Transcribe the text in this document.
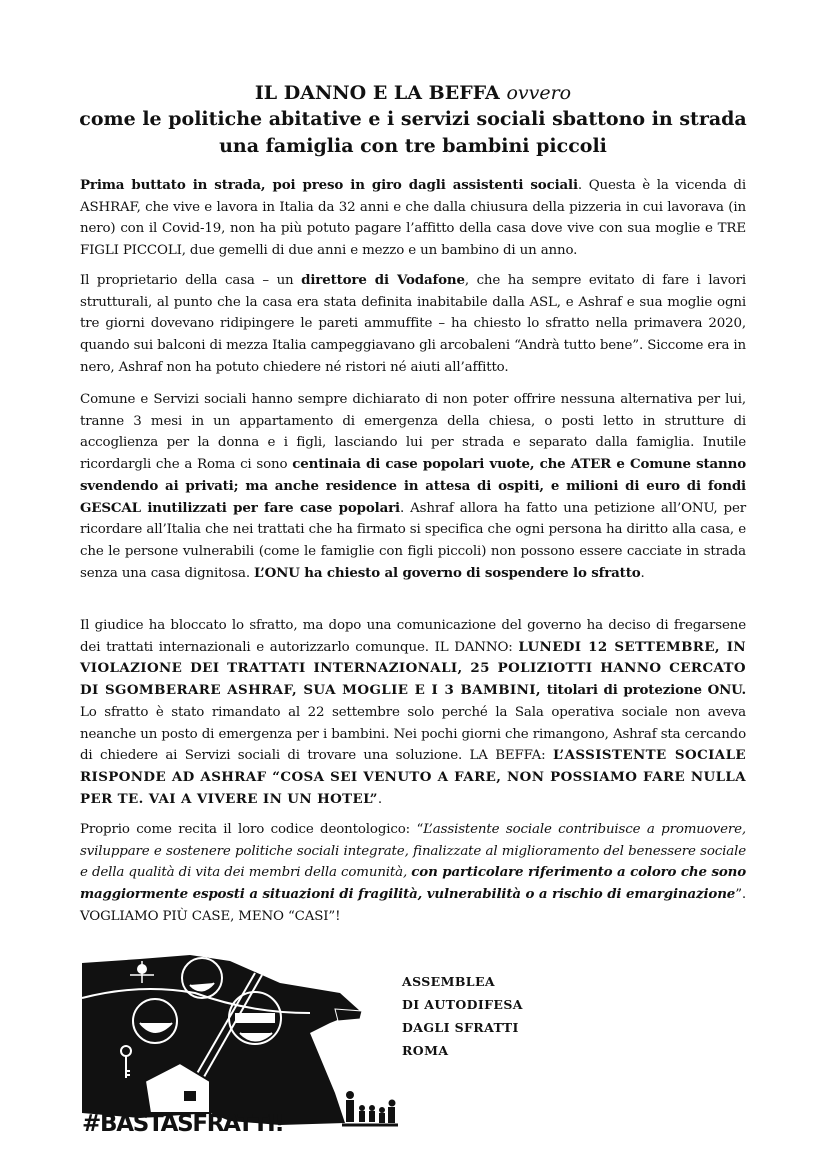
IL DANNO E LA BEFFA ovvero
come le politiche abitative e i servizi sociali sbattono in strada una famiglia con tre bambini piccoli

Prima buttato in strada, poi preso in giro dagli assistenti sociali. Questa è la vicenda di ASHRAF, che vive e lavora in Italia da 32 anni e che dalla chiusura della pizzeria in cui lavorava (in nero) con il Covid-19, non ha più potuto pagare l’affitto della casa dove vive con sua moglie e TRE FIGLI PICCOLI, due gemelli di due anni e mezzo e un bambino di un anno.

Il proprietario della casa – un direttore di Vodafone, che ha sempre evitato di fare i lavori strutturali, al punto che la casa era stata definita inabitabile dalla ASL, e Ashraf e sua moglie ogni tre giorni dovevano ridipingere le pareti ammuffite – ha chiesto lo sfratto nella primavera 2020, quando sui balconi di mezza Italia campeggiavano gli arcobaleni “Andrà tutto bene”. Siccome era in nero, Ashraf non ha potuto chiedere né ristori né aiuti all’affitto.

Comune e Servizi sociali hanno sempre dichiarato di non poter offrire nessuna alternativa per lui, tranne 3 mesi in un appartamento di emergenza della chiesa, o posti letto in strutture di accoglienza per la donna e i figli, lasciando lui per strada e separato dalla famiglia. Inutile ricordargli che a Roma ci sono centinaia di case popolari vuote, che ATER e Comune stanno svendendo ai privati; ma anche residence in attesa di ospiti, e milioni di euro di fondi GESCAL inutilizzati per fare case popolari. Ashraf allora ha fatto una petizione all’ONU, per ricordare all’Italia che nei trattati che ha firmato si specifica che ogni persona ha diritto alla casa, e che le persone vulnerabili (come le famiglie con figli piccoli) non possono essere cacciate in strada senza una casa dignitosa. L’ONU ha chiesto al governo di sospendere lo sfratto.

Il giudice ha bloccato lo sfratto, ma dopo una comunicazione del governo ha deciso di fregarsene dei trattati internazionali e autorizzarlo comunque. IL DANNO: LUNEDI 12 SETTEMBRE, IN VIOLAZIONE DEI TRATTATI INTERNAZIONALI, 25 POLIZIOTTI HANNO CERCATO DI SGOMBERARE ASHRAF, SUA MOGLIE E I 3 BAMBINI, titolari di protezione ONU. Lo sfratto è stato rimandato al 22 settembre solo perché la Sala operativa sociale non aveva neanche un posto di emergenza per i bambini. Nei pochi giorni che rimangono, Ashraf sta cercando di chiedere ai Servizi sociali di trovare una soluzione. LA BEFFA: L’ASSISTENTE SOCIALE RISPONDE AD ASHRAF “COSA SEI VENUTO A FARE, NON POSSIAMO FARE NULLA PER TE. VAI A VIVERE IN UN HOTEL”.

Proprio come recita il loro codice deontologico: “L’assistente sociale contribuisce a promuovere, sviluppare e sostenere politiche sociali integrate, finalizzate al miglioramento del benessere sociale e della qualità di vita dei membri della comunità, con particolare riferimento a coloro che sono maggiormente esposti a situazioni di fragilità, vulnerabilità o a rischio di emarginazione”. VOGLIAMO PIÙ CASE, MENO “CASI”!

#BASTASFRATTI!
ASSEMBLEA
DI AUTODIFESA
DAGLI SFRATTI
ROMA
